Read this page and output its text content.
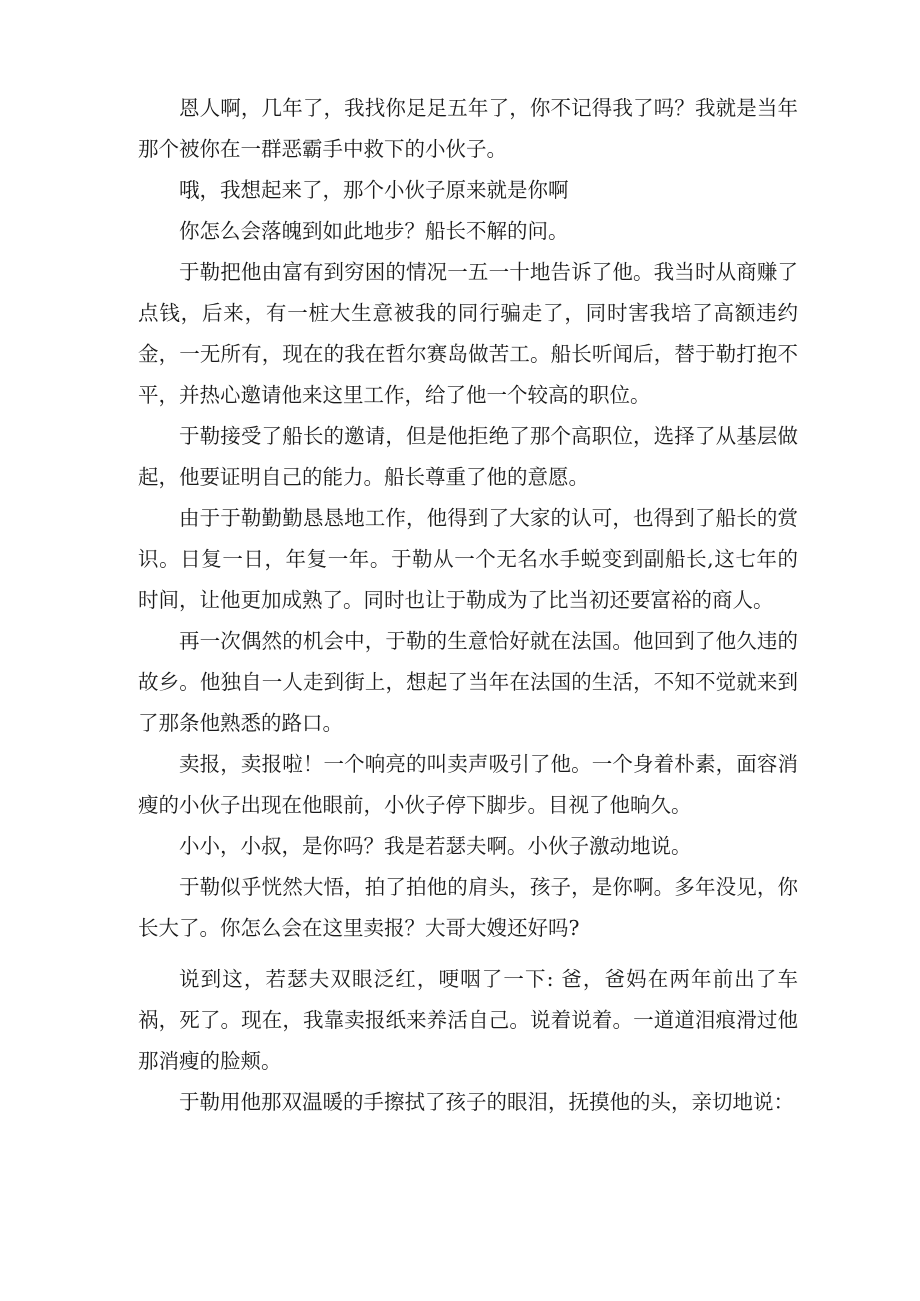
恩人啊，几年了，我找你足足五年了，你不记得我了吗？我就是当年那个被你在一群恶霸手中救下的小伙子。

哦，我想起来了，那个小伙子原来就是你啊

你怎么会落魄到如此地步？船长不解的问。

于勒把他由富有到穷困的情况一五一十地告诉了他。我当时从商赚了点钱，后来，有一桩大生意被我的同行骗走了，同时害我培了高额违约金，一无所有，现在的我在哲尔赛岛做苦工。船长听闻后，替于勒打抱不平，并热心邀请他来这里工作，给了他一个较高的职位。

于勒接受了船长的邀请，但是他拒绝了那个高职位，选择了从基层做起，他要证明自己的能力。船长尊重了他的意愿。

由于于勒勤勤恳恳地工作，他得到了大家的认可，也得到了船长的赏识。日复一日，年复一年。于勒从一个无名水手蜕变到副船长,这七年的时间，让他更加成熟了。同时也让于勒成为了比当初还要富裕的商人。

再一次偶然的机会中，于勒的生意恰好就在法国。他回到了他久违的故乡。他独自一人走到街上，想起了当年在法国的生活，不知不觉就来到了那条他熟悉的路口。

卖报，卖报啦！一个响亮的叫卖声吸引了他。一个身着朴素，面容消瘦的小伙子出现在他眼前，小伙子停下脚步。目视了他晌久。

小小，小叔，是你吗？我是若瑟夫啊。小伙子激动地说。

于勒似乎恍然大悟，拍了拍他的肩头，孩子，是你啊。多年没见，你长大了。你怎么会在这里卖报？大哥大嫂还好吗?

说到这，若瑟夫双眼泛红，哽咽了一下: 爸，爸妈在两年前出了车祸，死了。现在，我靠卖报纸来养活自己。说着说着。一道道泪痕滑过他那消瘦的脸颊。

于勒用他那双温暖的手擦拭了孩子的眼泪，抚摸他的头，亲切地说：
